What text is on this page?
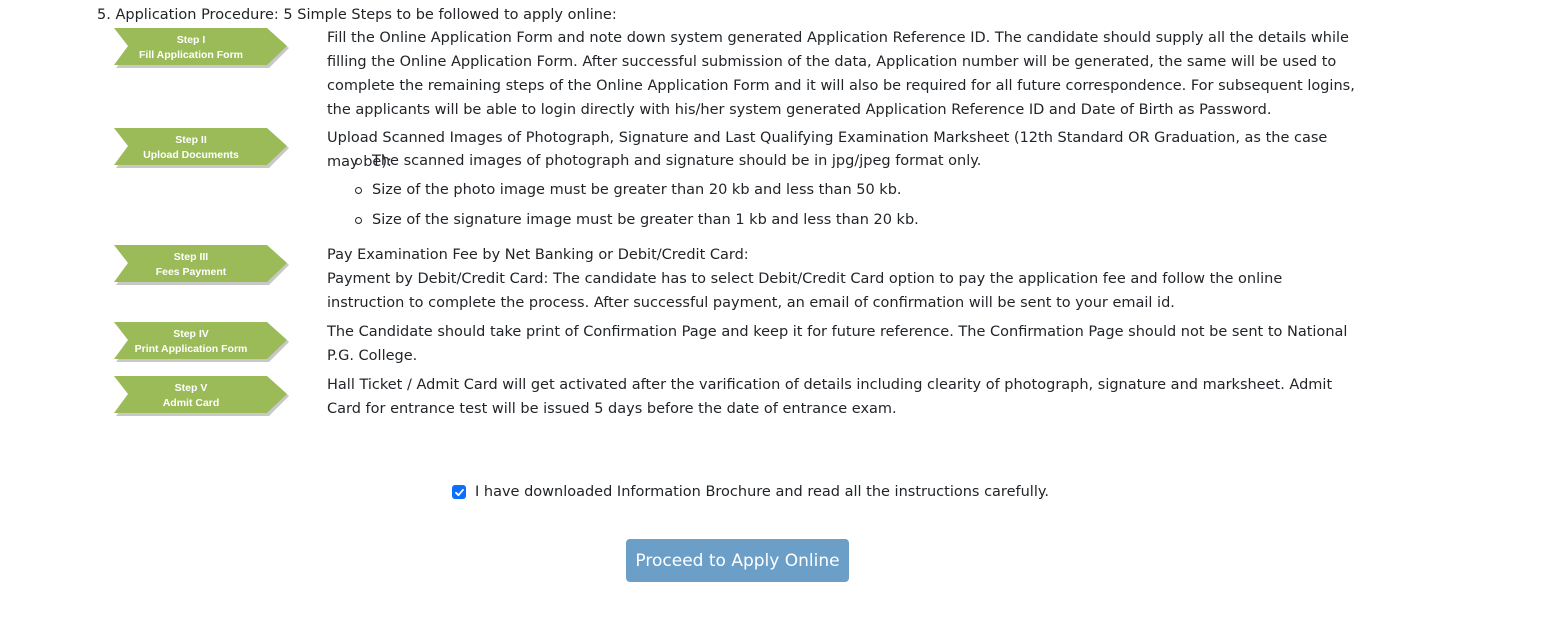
5. Application Procedure: 5 Simple Steps to be followed to apply online:
Step I
Fill Application Form

Fill the Online Application Form and note down system generated Application Reference ID. The candidate should supply all the details while filling the Online Application Form. After successful submission of the data, Application number will be generated, the same will be used to complete the remaining steps of the Online Application Form and it will also be required for all future correspondence. For subsequent logins, the applicants will be able to login directly with his/her system generated Application Reference ID and Date of Birth as Password.

Step II
Upload Documents

Upload Scanned Images of Photograph, Signature and Last Qualifying Examination Marksheet (12th Standard OR Graduation, as the case may be):

The scanned images of photograph and signature should be in jpg/jpeg format only.
Size of the photo image must be greater than 20 kb and less than 50 kb.
Size of the signature image must be greater than 1 kb and less than 20 kb.
Step III
Fees Payment

Pay Examination Fee by Net Banking or Debit/Credit Card:

Payment by Debit/Credit Card: The candidate has to select Debit/Credit Card option to pay the application fee and follow the online instruction to complete the process. After successful payment, an email of confirmation will be sent to your email id.

Step IV
Print Application Form

The Candidate should take print of Confirmation Page and keep it for future reference. The Confirmation Page should not be sent to National P.G. College.

Step V
Admit Card

Hall Ticket / Admit Card will get activated after the varification of details including clearity of photograph, signature and marksheet. Admit Card for entrance test will be issued 5 days before the date of entrance exam.

I have downloaded Information Brochure and read all the instructions carefully.
Proceed to Apply Online
